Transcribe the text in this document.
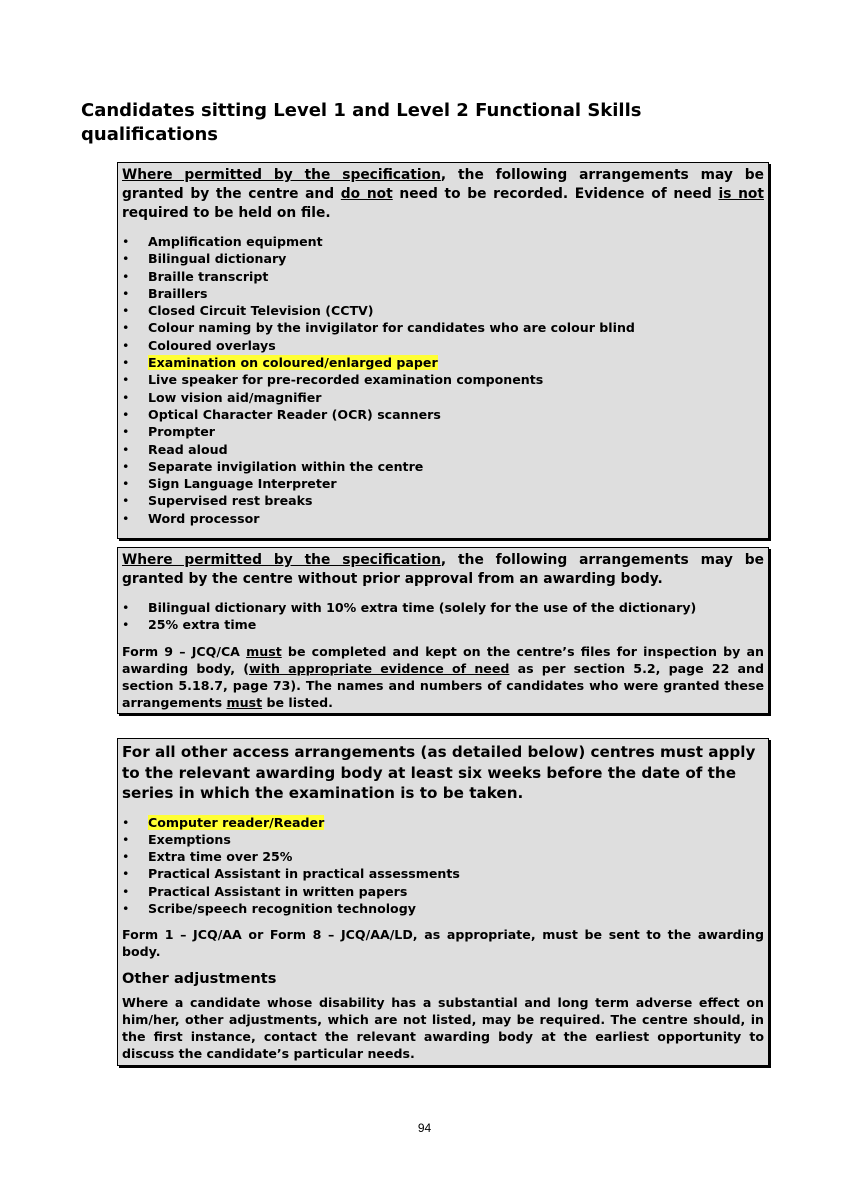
Candidates sitting Level 1 and Level 2 Functional Skills qualifications

Where permitted by the specification, the following arrangements may be granted by the centre and do not need to be recorded. Evidence of need is not required to be held on file.

• Amplification equipment
• Bilingual dictionary
• Braille transcript
• Braillers
• Closed Circuit Television (CCTV)
• Colour naming by the invigilator for candidates who are colour blind
• Coloured overlays
• Examination on coloured/enlarged paper
• Live speaker for pre-recorded examination components
• Low vision aid/magnifier
• Optical Character Reader (OCR) scanners
• Prompter
• Read aloud
• Separate invigilation within the centre
• Sign Language Interpreter
• Supervised rest breaks
• Word processor

Where permitted by the specification, the following arrangements may be granted by the centre without prior approval from an awarding body.

• Bilingual dictionary with 10% extra time (solely for the use of the dictionary)
• 25% extra time

Form 9 – JCQ/CA must be completed and kept on the centre’s files for inspection by an awarding body, (with appropriate evidence of need as per section 5.2, page 22 and section 5.18.7, page 73). The names and numbers of candidates who were granted these arrangements must be listed.

For all other access arrangements (as detailed below) centres must apply to the relevant awarding body at least six weeks before the date of the series in which the examination is to be taken.

• Computer reader/Reader
• Exemptions
• Extra time over 25%
• Practical Assistant in practical assessments
• Practical Assistant in written papers
• Scribe/speech recognition technology

Form 1 – JCQ/AA or Form 8 – JCQ/AA/LD, as appropriate, must be sent to the awarding body.

Other adjustments

Where a candidate whose disability has a substantial and long term adverse effect on him/her, other adjustments, which are not listed, may be required. The centre should, in the first instance, contact the relevant awarding body at the earliest opportunity to discuss the candidate’s particular needs.

94
